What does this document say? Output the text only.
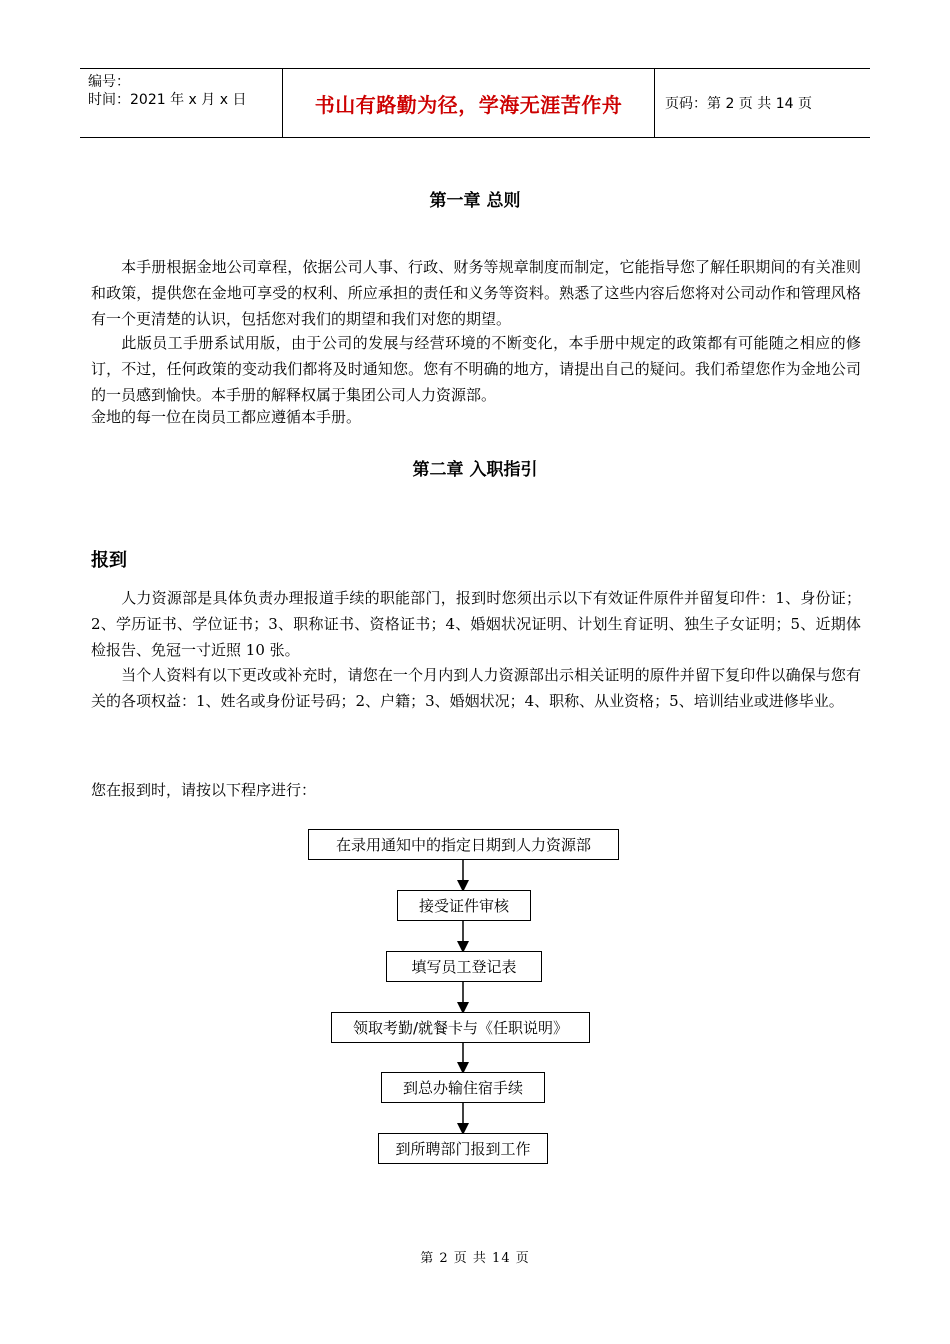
编号：
时间：2021 年 x 月 x 日	书山有路勤为径，学海无涯苦作舟	页码：第 2 页 共 14 页
第一章 总则
本手册根据金地公司章程，依据公司人事、行政、财务等规章制度而制定，它能指导您了解任职期间的有关准则和政策，提供您在金地可享受的权利、所应承担的责任和义务等资料。熟悉了这些内容后您将对公司动作和管理风格有一个更清楚的认识，包括您对我们的期望和我们对您的期望。
此版员工手册系试用版，由于公司的发展与经营环境的不断变化，本手册中规定的政策都有可能随之相应的修订，不过，任何政策的变动我们都将及时通知您。您有不明确的地方，请提出自己的疑问。我们希望您作为金地公司的一员感到愉快。本手册的解释权属于集团公司人力资源部。
金地的每一位在岗员工都应遵循本手册。
第二章 入职指引
报到
人力资源部是具体负责办理报道手续的职能部门，报到时您须出示以下有效证件原件并留复印件：1、身份证；2、学历证书、学位证书；3、职称证书、资格证书；4、婚姻状况证明、计划生育证明、独生子女证明；5、近期体检报告、免冠一寸近照 10 张。
当个人资料有以下更改或补充时，请您在一个月内到人力资源部出示相关证明的原件并留下复印件以确保与您有关的各项权益：1、姓名或身份证号码；2、户籍；3、婚姻状况；4、职称、从业资格；5、培训结业或进修毕业。
您在报到时，请按以下程序进行：
在录用通知中的指定日期到人力资源部
接受证件审核
填写员工登记表
领取考勤/就餐卡与《任职说明》
到总办输住宿手续
到所聘部门报到工作
第 2 页 共 14 页
